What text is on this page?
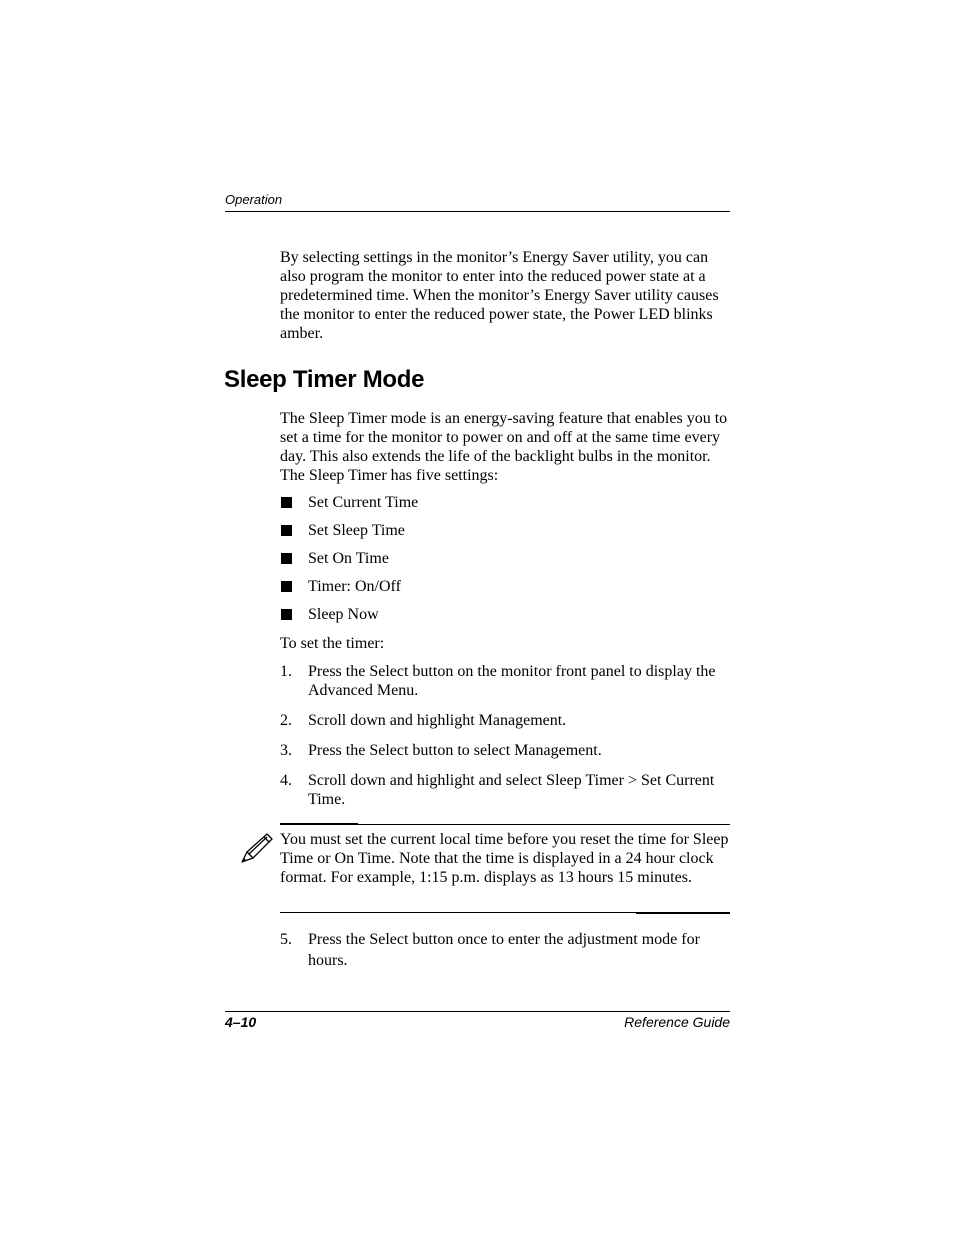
Operation
By selecting settings in the monitor’s Energy Saver utility, you can also program the monitor to enter into the reduced power state at a predetermined time. When the monitor’s Energy Saver utility causes the monitor to enter the reduced power state, the Power LED blinks amber.
Sleep Timer Mode
The Sleep Timer mode is an energy-saving feature that enables you to set a time for the monitor to power on and off at the same time every day. This also extends the life of the backlight bulbs in the monitor. The Sleep Timer has five settings:
Set Current Time
Set Sleep Time
Set On Time
Timer: On/Off
Sleep Now
To set the timer:
1. Press the Select button on the monitor front panel to display the Advanced Menu.
2. Scroll down and highlight Management.
3. Press the Select button to select Management.
4. Scroll down and highlight and select Sleep Timer > Set Current Time.
You must set the current local time before you reset the time for Sleep Time or On Time. Note that the time is displayed in a 24 hour clock format. For example, 1:15 p.m. displays as 13 hours 15 minutes.
5. Press the Select button once to enter the adjustment mode for hours.
4–10	Reference Guide
